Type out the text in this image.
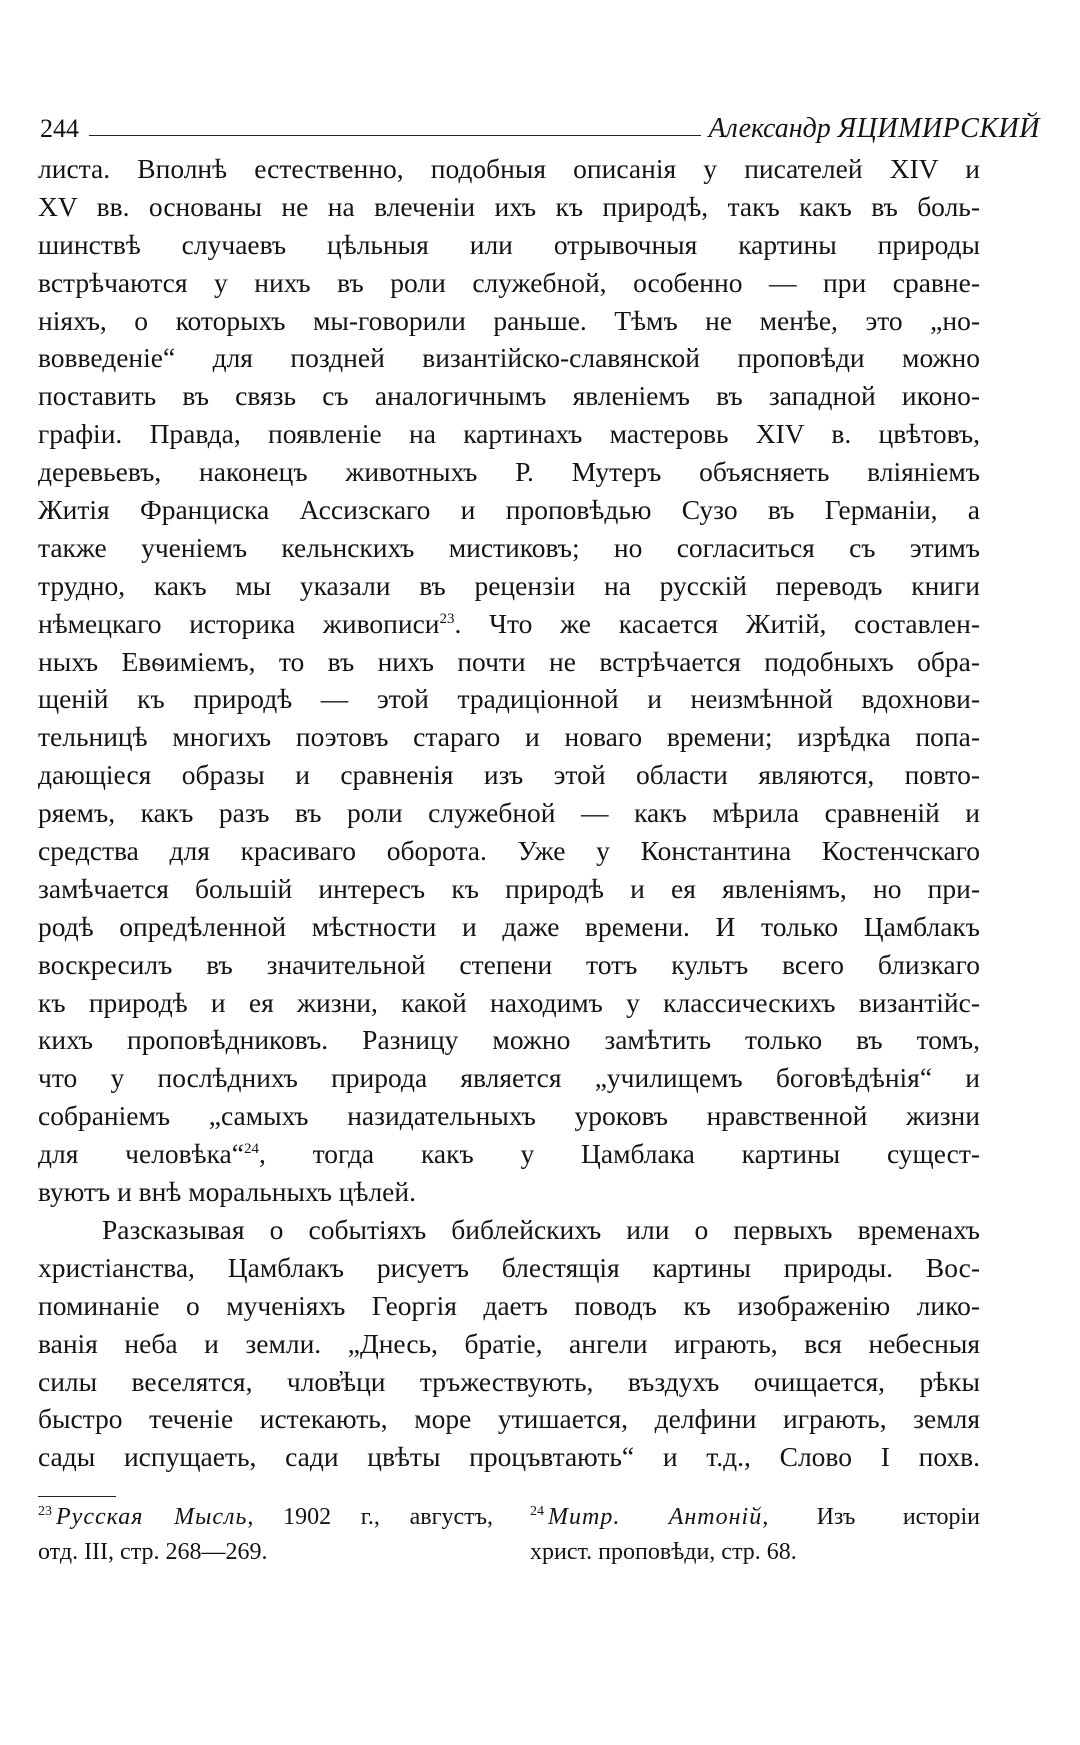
244	Александр ЯЦИМИРСКИЙ
листа. Вполнѣ естественно, подобныя описанія у писателей XIV и
XV вв. основаны не на влеченіи ихъ къ природѣ, такъ какъ въ боль-
шинствѣ случаевъ цѣльныя или отрывочныя картины природы
встрѣчаются у нихъ въ роли служебной, особенно — при сравне-
ніяхъ, о которыхъ мы-говорили раньше. Тѣмъ не менѣе, это „но-
вовведеніе“ для поздней византійско-славянской проповѣди можно
поставить въ связь съ аналогичнымъ явленіемъ въ западной иконо-
графіи. Правда, появленіе на картинахъ мастеровь XIV в. цвѣтовъ,
деревьевъ, наконецъ животныхъ Р. Мутеръ объясняеть вліяніемъ
Житія Франциска Ассизскаго и проповѣдью Сузо въ Германіи, а
также ученіемъ кельнскихъ мистиковъ; но согласиться съ этимъ
трудно, какъ мы указали въ рецензіи на русскій переводъ книги
нѣмецкаго историка живописи$^{23}$. Что же касается Житій, составлен-
ныхъ Евѳиміемъ, то въ нихъ почти не встрѣчается подобныхъ обра-
щеній къ природѣ — этой традиціонной и неизмѣнной вдохнови-
тельницѣ многихъ поэтовъ стараго и новаго времени; изрѣдка попа-
дающіеся образы и сравненія изъ этой области являются, повто-
ряемъ, какъ разъ въ роли служебной — какъ мѣрила сравненій и
средства для красиваго оборота. Уже у Константина Костенчскаго
замѣчается большій интересъ къ природѣ и ея явленіямъ, но при-
родѣ опредѣленной мѣстности и даже времени. И только Цамблакъ
воскресилъ въ значительной степени тотъ культъ всего близкаго
къ природѣ и ея жизни, какой находимъ у классическихъ византійс-
кихъ проповѣдниковъ. Разницу можно замѣтить только въ томъ,
что у послѣднихъ природа является „училищемъ боговѣдѣнія“ и
собраніемъ „самыхъ назидательныхъ уроковъ нравственной жизни
для человѣка“$^{24}$, тогда какъ у Цамблака картины сущест-
вуютъ и внѣ моральныхъ цѣлей.
Разсказывая о событіяхъ библейскихъ или о первыхъ временахъ
христіанства, Цамблакъ рисуетъ блестящія картины природы. Вос-
поминаніе о мученіяхъ Георгія даетъ поводъ къ изображенію лико-
ванія неба и земли. „Днесь, братіе, ангели играють, вся небесныя
силы веселятся, члов҆ѣци тръжествують, въздухъ очищается, рѣкы
быстро теченіе истекають, море утишается, делфини играють, земля
сады испущаеть, сади цвѣты процъвтають“ и т.д., Слово I похв.
$^{23}$ Русская Мысль, 1902 г., августъ,
отд. III, стр. 268—269.
$^{24}$ Митр. Антоній, Изъ исторіи
христ. проповѣди, стр. 68.
